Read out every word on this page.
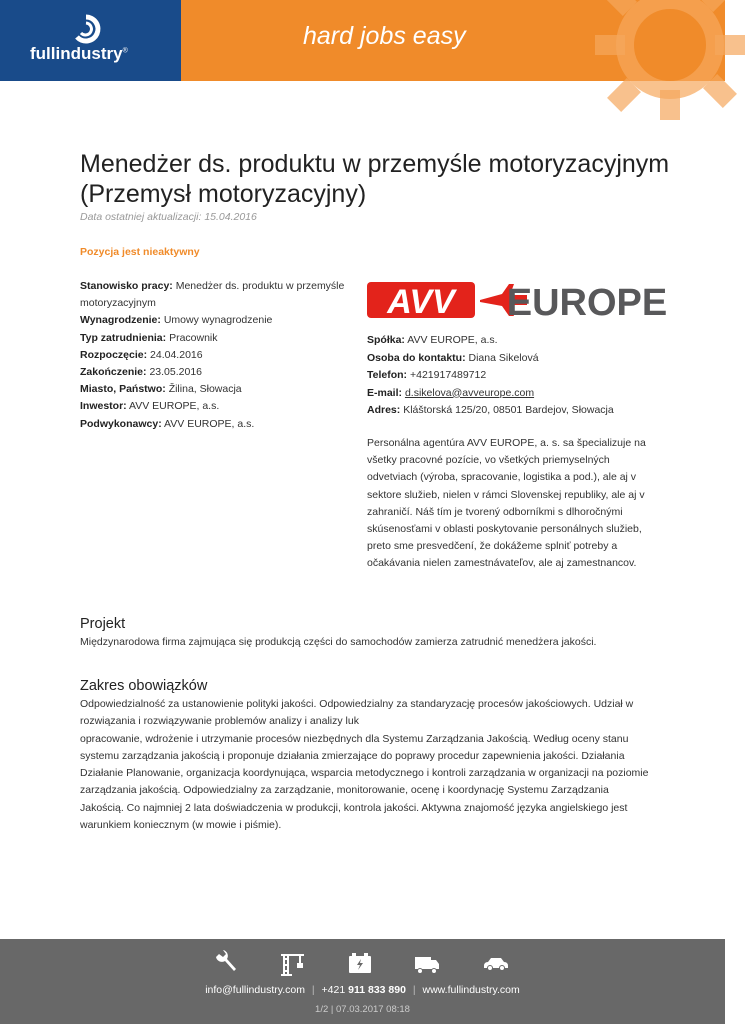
fullindustry®
hard jobs easy
Menedżer ds. produktu w przemyśle motoryzacyjnym (Przemysł motoryzacyjny)
Data ostatniej aktualizacji: 15.04.2016
Pozycja jest nieaktywny
Stanowisko pracy: Menedżer ds. produktu w przemyśle motoryzacyjnym
Wynagrodzenie: Umowy wynagrodzenie
Typ zatrudnienia: Pracownik
Rozpoczęcie: 24.04.2016
Zakończenie: 23.05.2016
Miasto, Państwo: Žilina, Słowacja
Inwestor: AVV EUROPE, a.s.
Podwykonawcy: AVV EUROPE, a.s.
AVV EUROPE
Spółka: AVV EUROPE, a.s.
Osoba do kontaktu: Diana Sikelová
Telefon: +421917489712
E-mail: d.sikelova@avveurope.com
Adres: Kláštorská 125/20, 08501 Bardejov, Słowacja
Personálna agentúra AVV EUROPE, a. s. sa špecializuje na všetky pracovné pozície, vo všetkých priemyselných odvetviach (výroba, spracovanie, logistika a pod.), ale aj v sektore služieb, nielen v rámci Slovenskej republiky, ale aj v zahraničí. Náš tím je tvorený odborníkmi s dlhoročnými skúsenosťami v oblasti poskytovanie personálnych služieb, preto sme presvedčení, že dokážeme splniť potreby a očakávania nielen zamestnávateľov, ale aj zamestnancov.
Projekt

Międzynarodowa firma zajmująca się produkcją części do samochodów zamierza zatrudnić menedżera jakości.

Zakres obowiązków

Odpowiedzialność za ustanowienie polityki jakości. Odpowiedzialny za standaryzację procesów jakościowych. Udział w rozwiązania i rozwiązywanie problemów analizy i analizy luk
opracowanie, wdrożenie i utrzymanie procesów niezbędnych dla Systemu Zarządzania Jakością. Według oceny stanu systemu zarządzania jakością i proponuje działania zmierzające do poprawy procedur zapewnienia jakości. Działania Działanie Planowanie, organizacja koordynująca, wsparcia metodycznego i kontroli zarządzania w organizacji na poziomie zarządzania jakością. Odpowiedzialny za zarządzanie, monitorowanie, ocenę i koordynację Systemu Zarządzania Jakością. Co najmniej 2 lata doświadczenia w produkcji, kontrola jakości. Aktywna znajomość języka angielskiego jest warunkiem koniecznym (w mowie i piśmie).

info@fullindustry.com | +421 911 833 890 | www.fullindustry.com
1/2 | 07.03.2017 08:18
